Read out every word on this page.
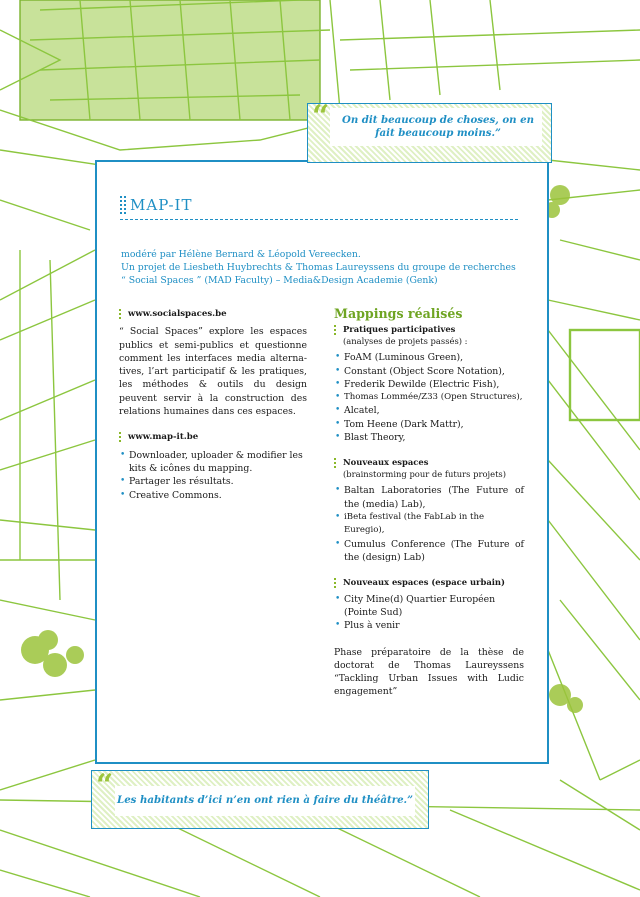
“	On dit beaucoup de choses, on en fait beaucoup moins.”
“ Les habitants d’ici n’en ont rien à faire du théâtre.”
MAP-IT
modéré par Hélène Bernard & Léopold Vereecken.
Un projet de Liesbeth Huybrechts & Thomas Laureyssens du groupe de recherches
“ Social Spaces ” (MAD Faculty) – Media&Design Academie (Genk)
www.socialspaces.be
“ Social Spaces” explore les espaces publics et semi-publics et questionne comment les interfaces media alterna-tives, l’art participatif & les pratiques, les méthodes & outils du design peuvent servir à la construction des relations humaines dans ces espaces.
www.map-it.be
• Downloader, uploader & modifier les kits & icônes du mapping.
• Partager les résultats.
• Creative Commons.
Mappings réalisés
Pratiques participatives
(analyses de projets passés) :
• FoAM (Luminous Green),
• Constant (Object Score Notation),
• Frederik Dewilde (Electric Fish),
• Thomas Lommée/Z33 (Open Structures),
• Alcatel,
• Tom Heene (Dark Mattr),
• Blast Theory,
Nouveaux espaces
(brainstorming pour de futurs projets)
• Baltan Laboratories (The Future of the (media) Lab),
• iBeta festival (the FabLab in the Euregio),
• Cumulus Conference (The Future of the (design) Lab)
Nouveaux espaces (espace urbain)
• City Mine(d) Quartier Européen (Pointe Sud)
• Plus à venir
Phase préparatoire de la thèse de doctorat de Thomas Laureyssens “Tackling Urban Issues with Ludic engagement”
